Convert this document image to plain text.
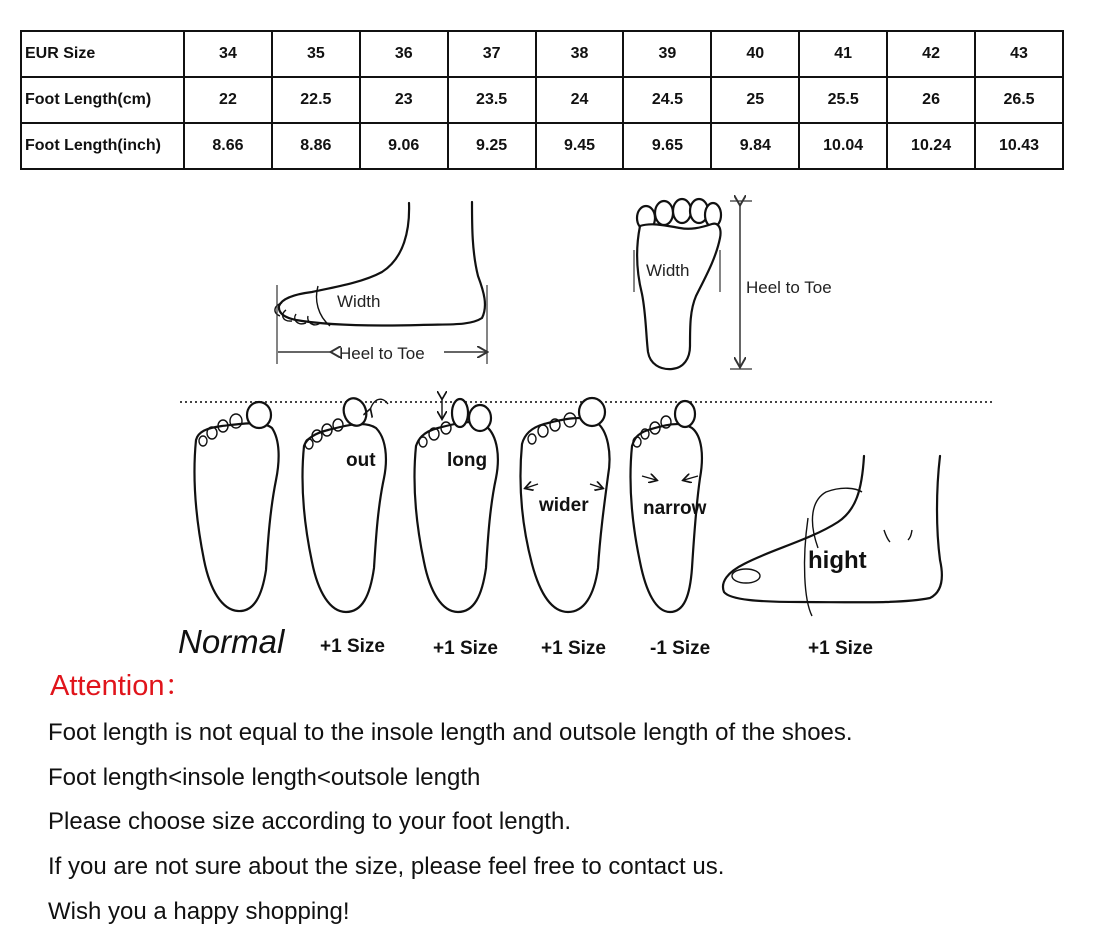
EUR Size	34	35	36	37	38	39	40	41	42	43
Foot Length(cm)	22	22.5	23	23.5	24	24.5	25	25.5	26	26.5
Foot Length(inch)	8.66	8.86	9.06	9.25	9.45	9.65	9.84	10.04	10.24	10.43
Width
Heel to Toe
Width
Heel to Toe
out	long
wider	narrow
hight
Normal +1 Size	+1 Size +1 Size -1 Size	+1 Size

Attention：

Foot length is not equal to the insole length and outsole length of the shoes.
Foot length<insole length<outsole length
Please choose size according to your foot length.
If you are not sure about the size, please feel free to contact us.
Wish you a happy shopping!
